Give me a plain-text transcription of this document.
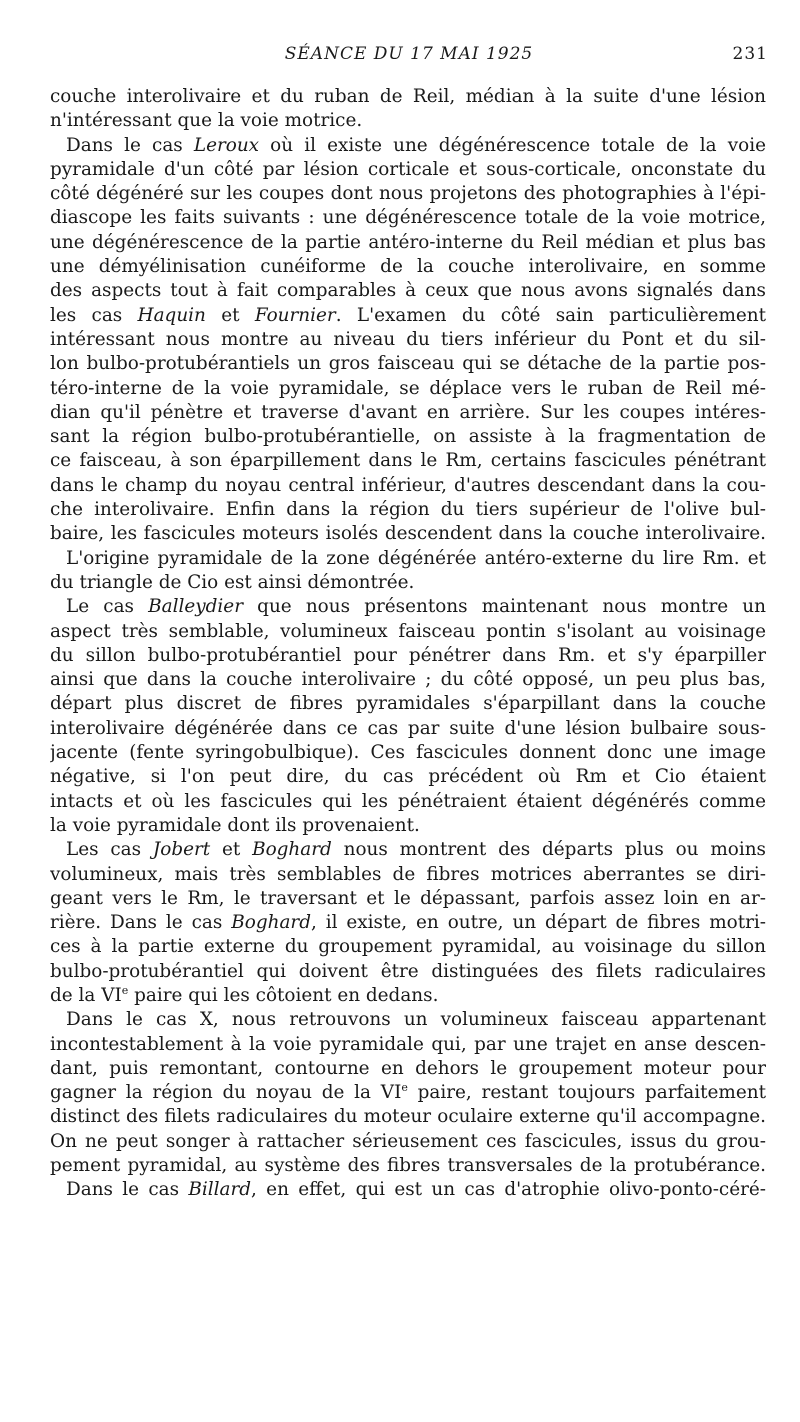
SÉANCE DU 17 MAI 1925	231
couche interolivaire et du ruban de Reil, médian à la suite d'une lésion
n'intéressant que la voie motrice.
Dans le cas Leroux où il existe une dégénérescence totale de la voie
pyramidale d'un côté par lésion corticale et sous-corticale, onconstate du
côté dégénéré sur les coupes dont nous projetons des photographies à l'épi-
diascope les faits suivants : une dégénérescence totale de la voie motrice,
une dégénérescence de la partie antéro-interne du Reil médian et plus bas
une démyélinisation cunéiforme de la couche interolivaire, en somme
des aspects tout à fait comparables à ceux que nous avons signalés dans
les cas Haquin et Fournier. L'examen du côté sain particulièrement
intéressant nous montre au niveau du tiers inférieur du Pont et du sil-
lon bulbo-protubérantiels un gros faisceau qui se détache de la partie pos-
téro-interne de la voie pyramidale, se déplace vers le ruban de Reil mé-
dian qu'il pénètre et traverse d'avant en arrière. Sur les coupes intéres-
sant la région bulbo-protubérantielle, on assiste à la fragmentation de
ce faisceau, à son éparpillement dans le Rm, certains fascicules pénétrant
dans le champ du noyau central inférieur, d'autres descendant dans la cou-
che interolivaire. Enfin dans la région du tiers supérieur de l'olive bul-
baire, les fascicules moteurs isolés descendent dans la couche interolivaire.
L'origine pyramidale de la zone dégénérée antéro-externe du lire Rm. et
du triangle de Cio est ainsi démontrée.
Le cas Balleydier que nous présentons maintenant nous montre un
aspect très semblable, volumineux faisceau pontin s'isolant au voisinage
du sillon bulbo-protubérantiel pour pénétrer dans Rm. et s'y éparpiller
ainsi que dans la couche interolivaire ; du côté opposé, un peu plus bas,
départ plus discret de fibres pyramidales s'éparpillant dans la couche
interolivaire dégénérée dans ce cas par suite d'une lésion bulbaire sous-
jacente (fente syringobulbique). Ces fascicules donnent donc une image
négative, si l'on peut dire, du cas précédent où Rm et Cio étaient
intacts et où les fascicules qui les pénétraient étaient dégénérés comme
la voie pyramidale dont ils provenaient.
Les cas Jobert et Boghard nous montrent des départs plus ou moins
volumineux, mais très semblables de fibres motrices aberrantes se diri-
geant vers le Rm, le traversant et le dépassant, parfois assez loin en ar-
rière. Dans le cas Boghard, il existe, en outre, un départ de fibres motri-
ces à la partie externe du groupement pyramidal, au voisinage du sillon
bulbo-protubérantiel qui doivent être distinguées des filets radiculaires
de la VIe paire qui les côtoient en dedans.
Dans le cas X, nous retrouvons un volumineux faisceau appartenant
incontestablement à la voie pyramidale qui, par une trajet en anse descen-
dant, puis remontant, contourne en dehors le groupement moteur pour
gagner la région du noyau de la VIe paire, restant toujours parfaitement
distinct des filets radiculaires du moteur oculaire externe qu'il accompagne.
On ne peut songer à rattacher sérieusement ces fascicules, issus du grou-
pement pyramidal, au système des fibres transversales de la protubérance.
Dans le cas Billard, en effet, qui est un cas d'atrophie olivo-ponto-céré-
